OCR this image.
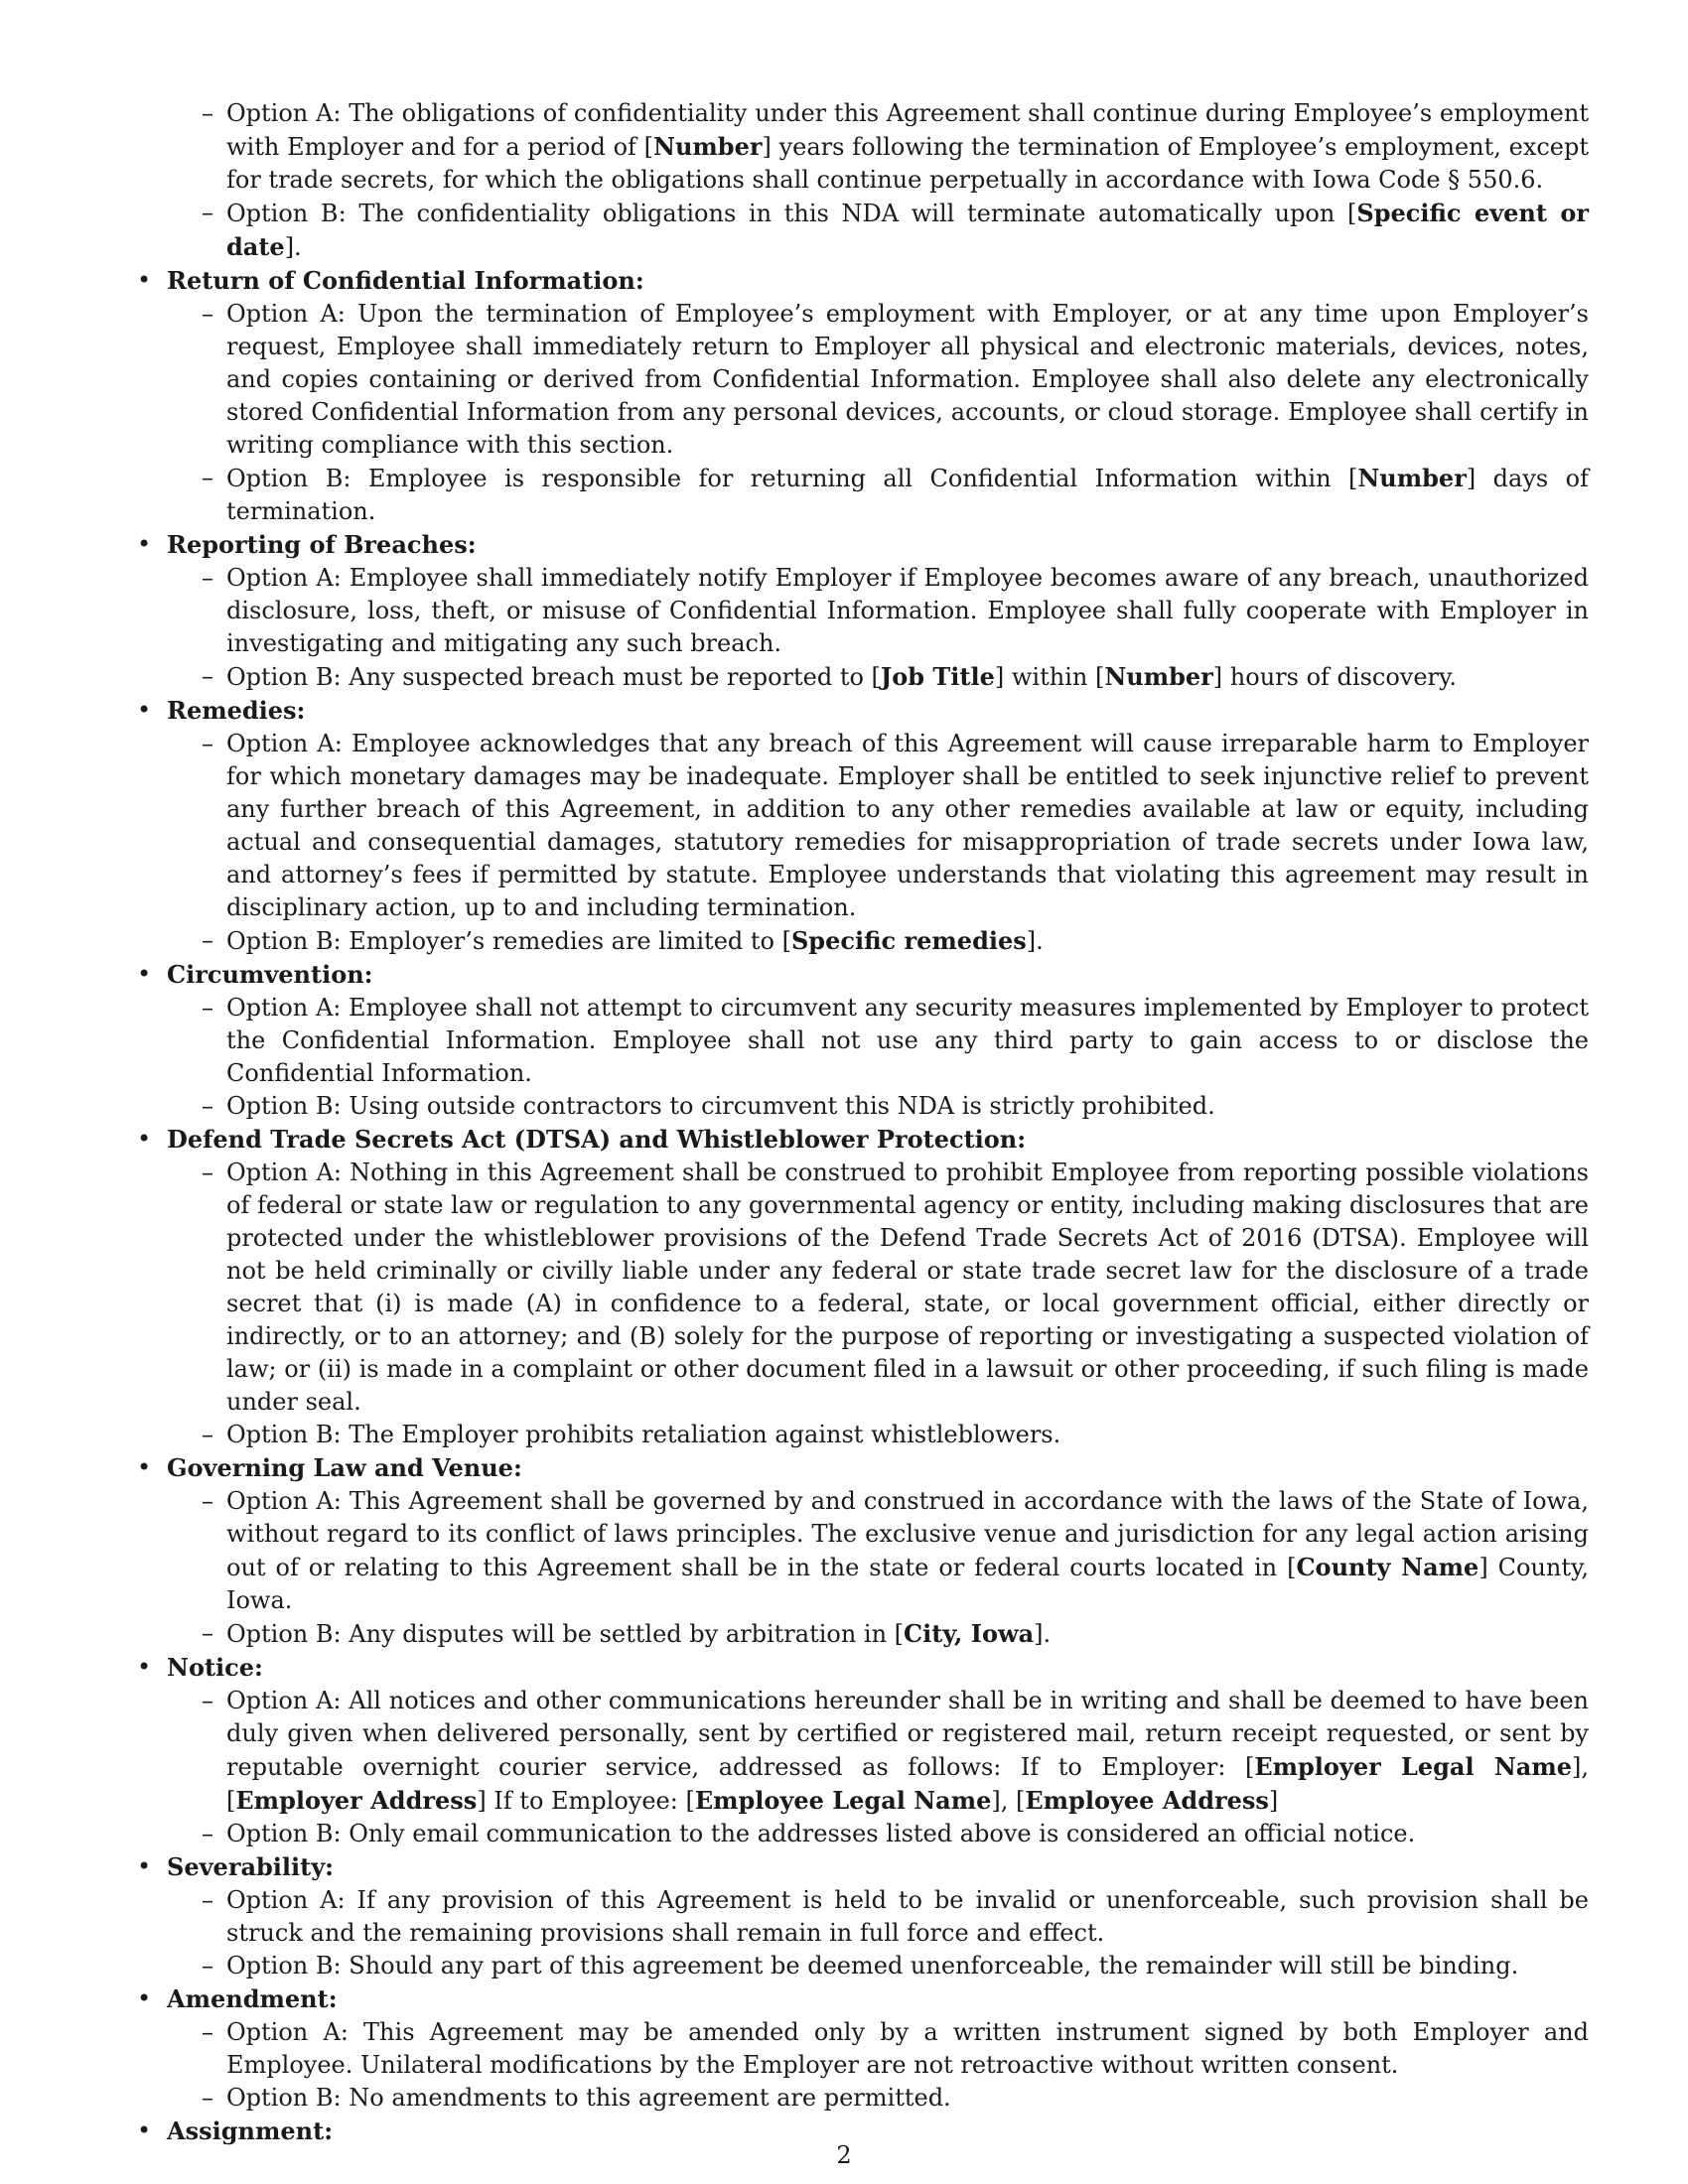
– Option A: The obligations of confidentiality under this Agreement shall continue during Employee’s employment with Employer and for a period of [Number] years following the termination of Employee’s employment, except for trade secrets, for which the obligations shall continue perpetually in accordance with Iowa Code § 550.6.
– Option B: The confidentiality obligations in this NDA will terminate automatically upon [Specific event or date].
• Return of Confidential Information:
– Option A: Upon the termination of Employee’s employment with Employer, or at any time upon Employer’s request, Employee shall immediately return to Employer all physical and electronic materials, devices, notes, and copies containing or derived from Confidential Information. Employee shall also delete any electronically stored Confidential Information from any personal devices, accounts, or cloud storage. Employee shall certify in writing compliance with this section.
– Option B: Employee is responsible for returning all Confidential Information within [Number] days of termination.
• Reporting of Breaches:
– Option A: Employee shall immediately notify Employer if Employee becomes aware of any breach, unauthorized disclosure, loss, theft, or misuse of Confidential Information. Employee shall fully cooperate with Employer in investigating and mitigating any such breach.
– Option B: Any suspected breach must be reported to [Job Title] within [Number] hours of discovery.
• Remedies:
– Option A: Employee acknowledges that any breach of this Agreement will cause irreparable harm to Employer for which monetary damages may be inadequate. Employer shall be entitled to seek injunctive relief to prevent any further breach of this Agreement, in addition to any other remedies available at law or equity, including actual and consequential damages, statutory remedies for misappropriation of trade secrets under Iowa law, and attorney’s fees if permitted by statute. Employee understands that violating this agreement may result in disciplinary action, up to and including termination.
– Option B: Employer’s remedies are limited to [Specific remedies].
• Circumvention:
– Option A: Employee shall not attempt to circumvent any security measures implemented by Employer to protect the Confidential Information. Employee shall not use any third party to gain access to or disclose the Confidential Information.
– Option B: Using outside contractors to circumvent this NDA is strictly prohibited.
• Defend Trade Secrets Act (DTSA) and Whistleblower Protection:
– Option A: Nothing in this Agreement shall be construed to prohibit Employee from reporting possible violations of federal or state law or regulation to any governmental agency or entity, including making disclosures that are protected under the whistleblower provisions of the Defend Trade Secrets Act of 2016 (DTSA). Employee will not be held criminally or civilly liable under any federal or state trade secret law for the disclosure of a trade secret that (i) is made (A) in confidence to a federal, state, or local government official, either directly or indirectly, or to an attorney; and (B) solely for the purpose of reporting or investigating a suspected violation of law; or (ii) is made in a complaint or other document filed in a lawsuit or other proceeding, if such filing is made under seal.
– Option B: The Employer prohibits retaliation against whistleblowers.
• Governing Law and Venue:
– Option A: This Agreement shall be governed by and construed in accordance with the laws of the State of Iowa, without regard to its conflict of laws principles. The exclusive venue and jurisdiction for any legal action arising out of or relating to this Agreement shall be in the state or federal courts located in [County Name] County, Iowa.
– Option B: Any disputes will be settled by arbitration in [City, Iowa].
• Notice:
– Option A: All notices and other communications hereunder shall be in writing and shall be deemed to have been duly given when delivered personally, sent by certified or registered mail, return receipt requested, or sent by reputable overnight courier service, addressed as follows: If to Employer: [Employer Legal Name], [Employer Address] If to Employee: [Employee Legal Name], [Employee Address]
– Option B: Only email communication to the addresses listed above is considered an official notice.
• Severability:
– Option A: If any provision of this Agreement is held to be invalid or unenforceable, such provision shall be struck and the remaining provisions shall remain in full force and effect.
– Option B: Should any part of this agreement be deemed unenforceable, the remainder will still be binding.
• Amendment:
– Option A: This Agreement may be amended only by a written instrument signed by both Employer and Employee. Unilateral modifications by the Employer are not retroactive without written consent.
– Option B: No amendments to this agreement are permitted.
• Assignment:
2
